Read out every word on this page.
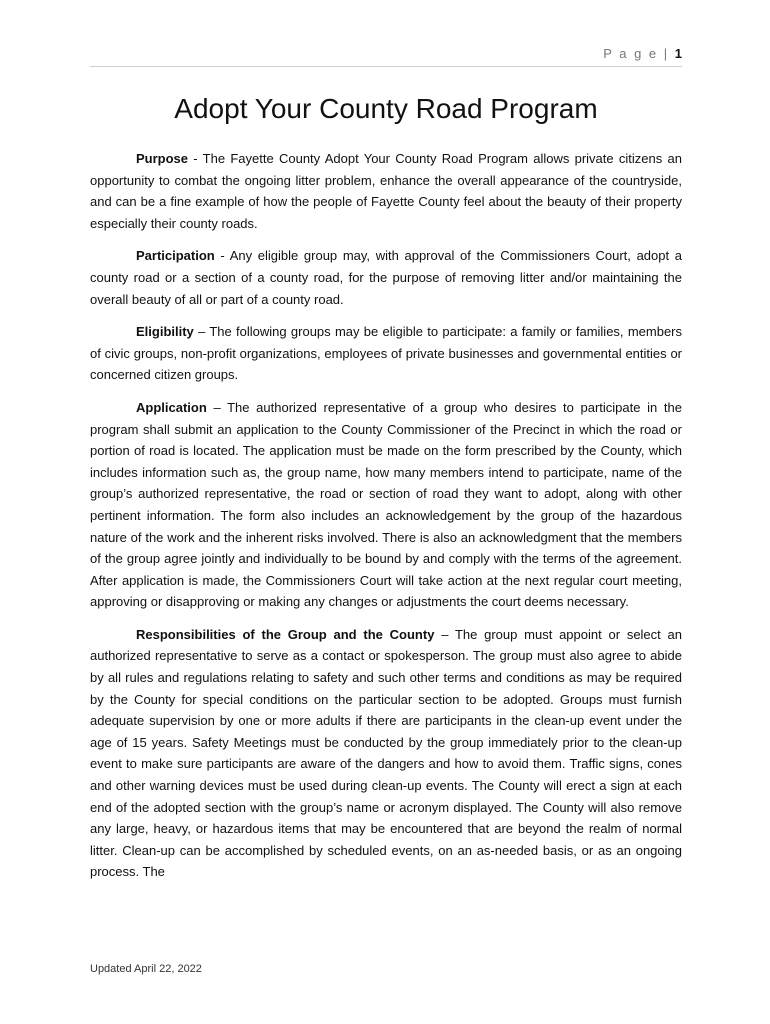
P a g e | 1
Adopt Your County Road Program

Purpose - The Fayette County Adopt Your County Road Program allows private citizens an opportunity to combat the ongoing litter problem, enhance the overall appearance of the countryside, and can be a fine example of how the people of Fayette County feel about the beauty of their property especially their county roads.

Participation - Any eligible group may, with approval of the Commissioners Court, adopt a county road or a section of a county road, for the purpose of removing litter and/or maintaining the overall beauty of all or part of a county road.

Eligibility – The following groups may be eligible to participate: a family or families, members of civic groups, non-profit organizations, employees of private businesses and governmental entities or concerned citizen groups.

Application – The authorized representative of a group who desires to participate in the program shall submit an application to the County Commissioner of the Precinct in which the road or portion of road is located. The application must be made on the form prescribed by the County, which includes information such as, the group name, how many members intend to participate, name of the group’s authorized representative, the road or section of road they want to adopt, along with other pertinent information. The form also includes an acknowledgement by the group of the hazardous nature of the work and the inherent risks involved. There is also an acknowledgment that the members of the group agree jointly and individually to be bound by and comply with the terms of the agreement. After application is made, the Commissioners Court will take action at the next regular court meeting, approving or disapproving or making any changes or adjustments the court deems necessary.

Responsibilities of the Group and the County – The group must appoint or select an authorized representative to serve as a contact or spokesperson. The group must also agree to abide by all rules and regulations relating to safety and such other terms and conditions as may be required by the County for special conditions on the particular section to be adopted. Groups must furnish adequate supervision by one or more adults if there are participants in the clean-up event under the age of 15 years. Safety Meetings must be conducted by the group immediately prior to the clean-up event to make sure participants are aware of the dangers and how to avoid them. Traffic signs, cones and other warning devices must be used during clean-up events. The County will erect a sign at each end of the adopted section with the group’s name or acronym displayed. The County will also remove any large, heavy, or hazardous items that may be encountered that are beyond the realm of normal litter. Clean-up can be accomplished by scheduled events, on an as-needed basis, or as an ongoing process. The

Updated April 22, 2022
